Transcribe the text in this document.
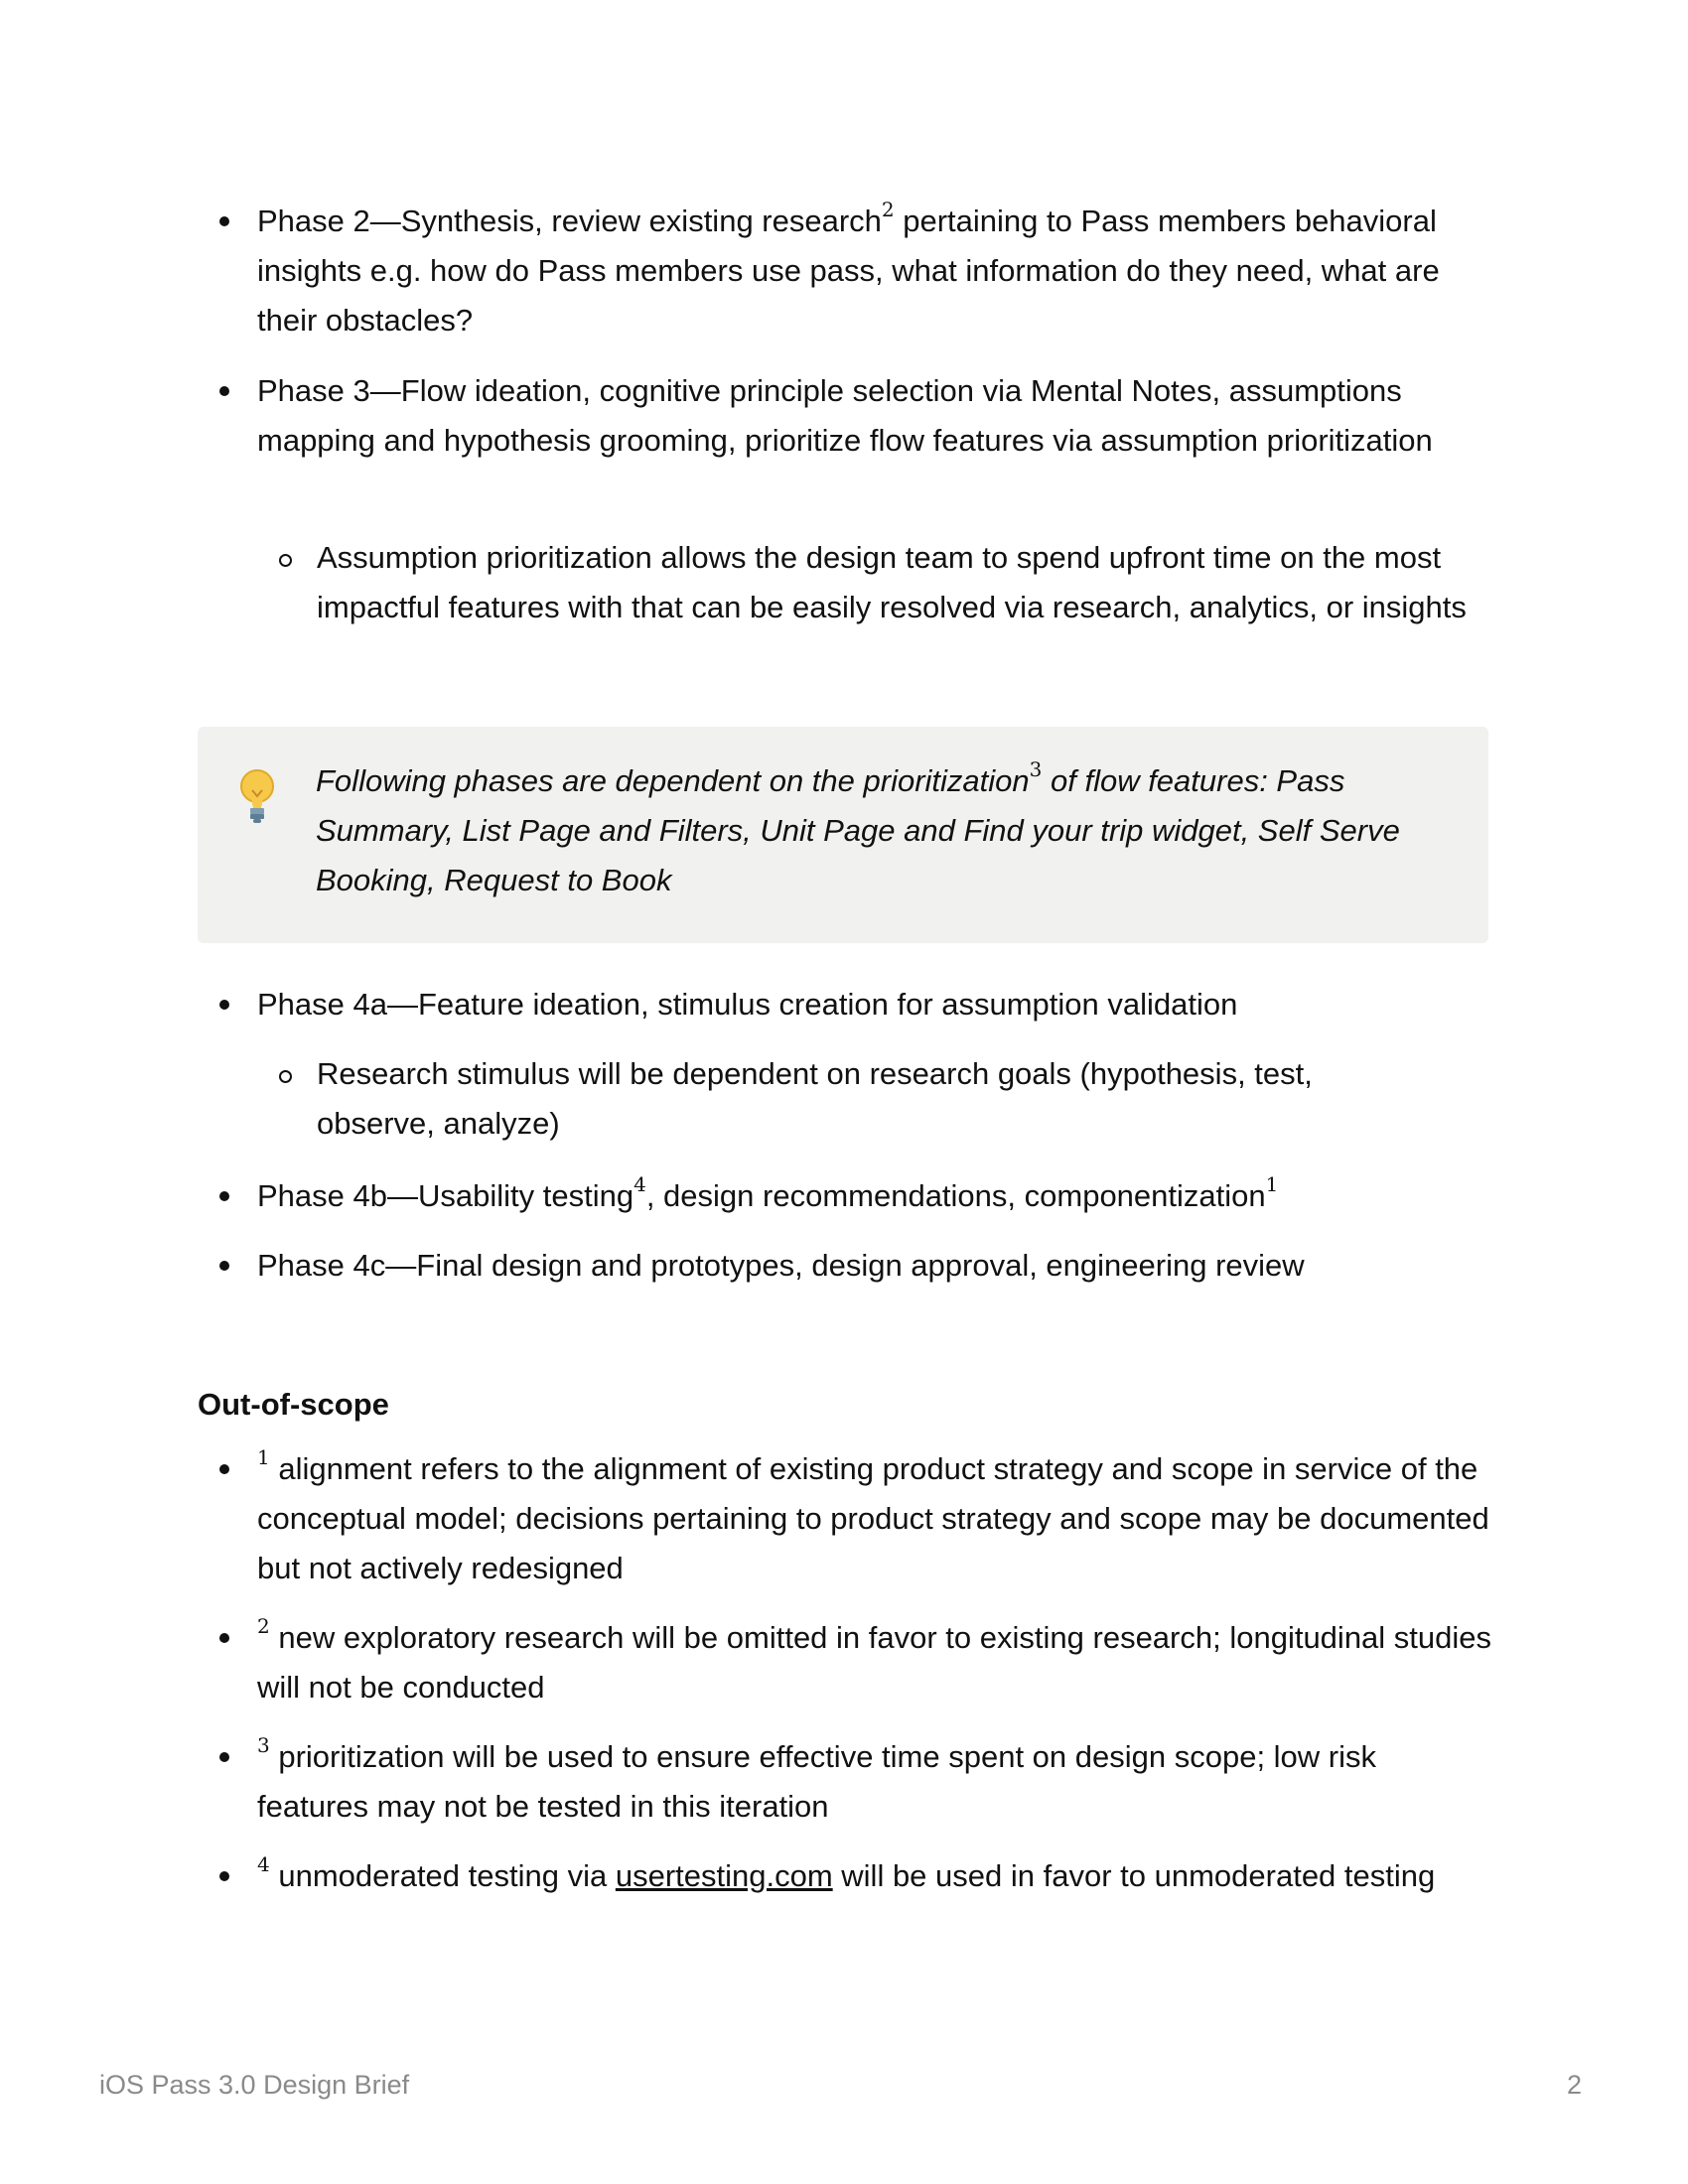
Phase 2—Synthesis, review existing research$^2$ pertaining to Pass members behavioral insights e.g. how do Pass members use pass, what information do they need, what are their obstacles?

Phase 3—Flow ideation, cognitive principle selection via Mental Notes, assumptions mapping and hypothesis grooming, prioritize flow features via assumption prioritization

Assumption prioritization allows the design team to spend upfront time on the most impactful features with that can be easily resolved via research, analytics, or insights

Following phases are dependent on the prioritization$^3$ of flow features: Pass Summary, List Page and Filters, Unit Page and Find your trip widget, Self Serve Booking, Request to Book

Phase 4a—Feature ideation, stimulus creation for assumption validation

Research stimulus will be dependent on research goals (hypothesis, test, observe, analyze)

Phase 4b—Usability testing$^4$, design recommendations, componentization$^1$

Phase 4c—Final design and prototypes, design approval, engineering review

Out-of-scope

$^1$ alignment refers to the alignment of existing product strategy and scope in service of the conceptual model; decisions pertaining to product strategy and scope may be documented but not actively redesigned

$^2$ new exploratory research will be omitted in favor to existing research; longitudinal studies will not be conducted

$^3$ prioritization will be used to ensure effective time spent on design scope; low risk features may not be tested in this iteration

$^4$ unmoderated testing via usertesting.com will be used in favor to unmoderated testing

iOS Pass 3.0 Design Brief	2
